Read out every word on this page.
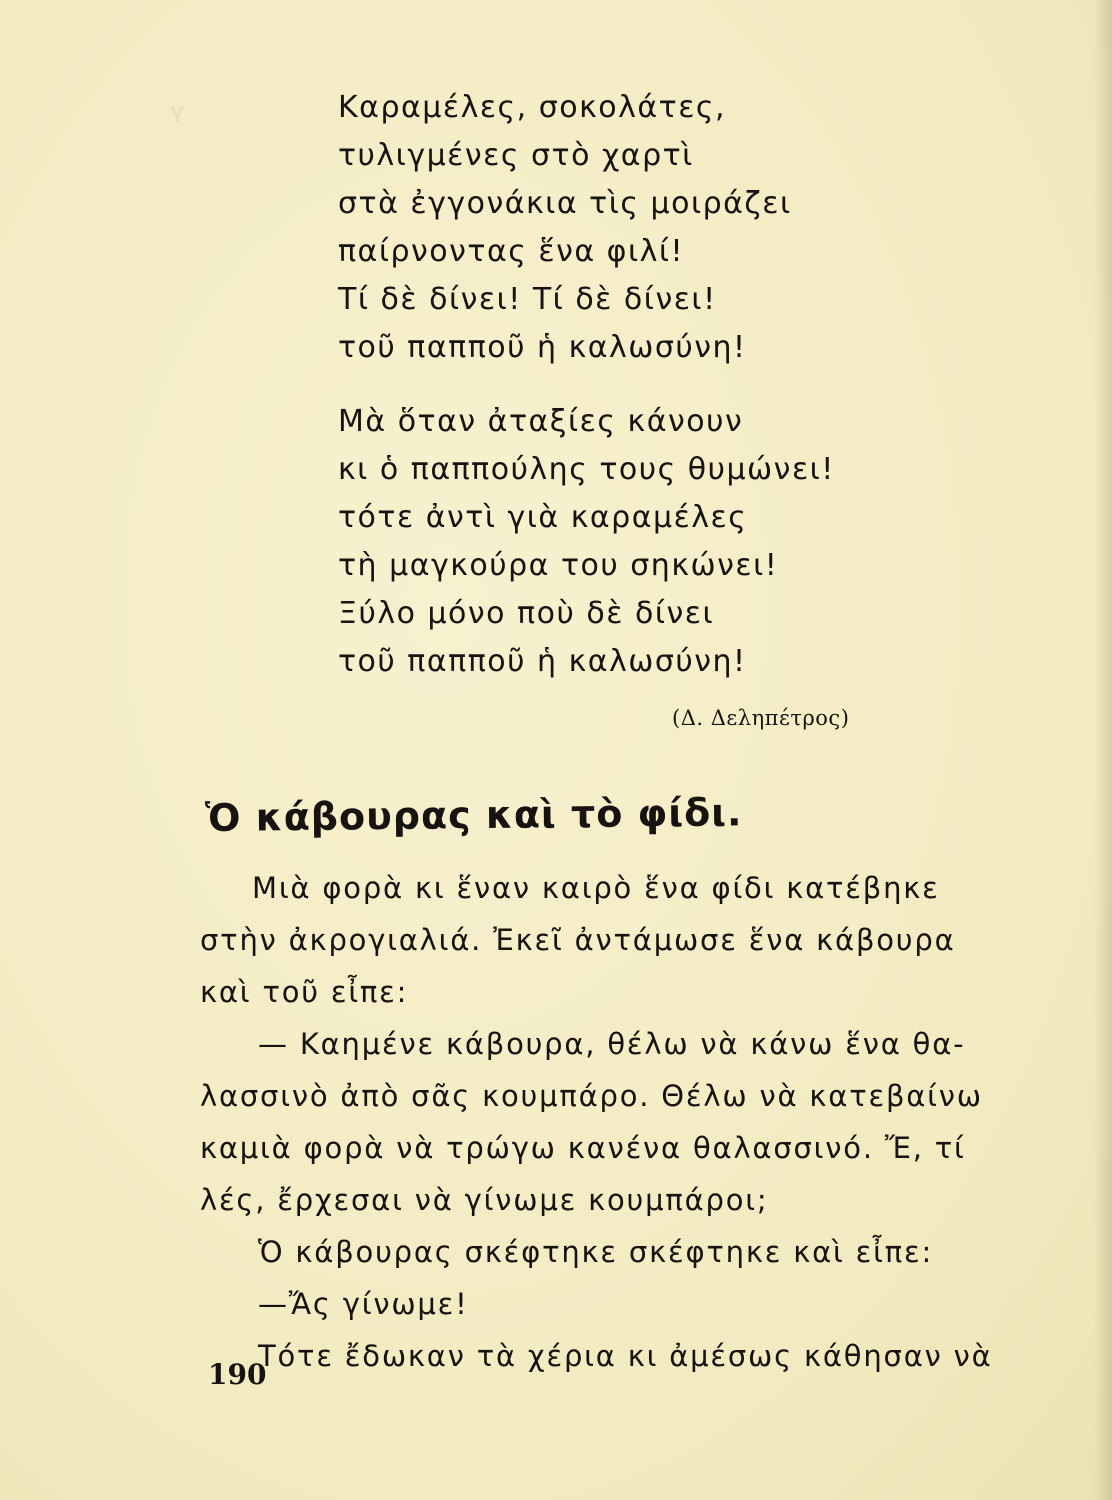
ᵞ	Καραμέλες, σοκολάτες,
τυλιγμένες στὸ χαρτὶ
στὰ ἐγγονάκια τὶς μοιράζει
παίρνοντας ἕνα φιλί!
Τί δὲ δίνει! Τί δὲ δίνει!
τοῦ παπποῦ ἡ καλωσύνη!
Μὰ ὅταν ἀταξίες κάνουν
κι ὁ παππούλης τους θυμώνει!
τότε ἀντὶ γιὰ καραμέλες
τὴ μαγκούρα του σηκώνει!
Ξύλο μόνο ποὺ δὲ δίνει
τοῦ παπποῦ ἡ καλωσύνη!
(Δ. Δεληπέτρος)
Ὁ κάβουρας καὶ τὸ φίδι.
Μιὰ φορὰ κι ἕναν καιρὸ ἕνα φίδι κατέβηκε
στὴν ἀκρογιαλιά. Ἐκεῖ ἀντάμωσε ἕνα κάβουρα
καὶ τοῦ εἶπε:
— Καημένε κάβουρα, θέλω νὰ κάνω ἕνα θα-
λασσινὸ ἀπὸ σᾶς κουμπάρο. Θέλω νὰ κατεβαίνω
καμιὰ φορὰ νὰ τρώγω κανένα θαλασσινό. Ἔ, τί
λές, ἔρχεσαι νὰ γίνωμε κουμπάροι;
Ὁ κάβουρας σκέφτηκε σκέφτηκε καὶ εἶπε:
—Ἄς γίνωμε!
Τότε ἔδωκαν τὰ χέρια κι ἀμέσως κάθησαν νὰ
190
